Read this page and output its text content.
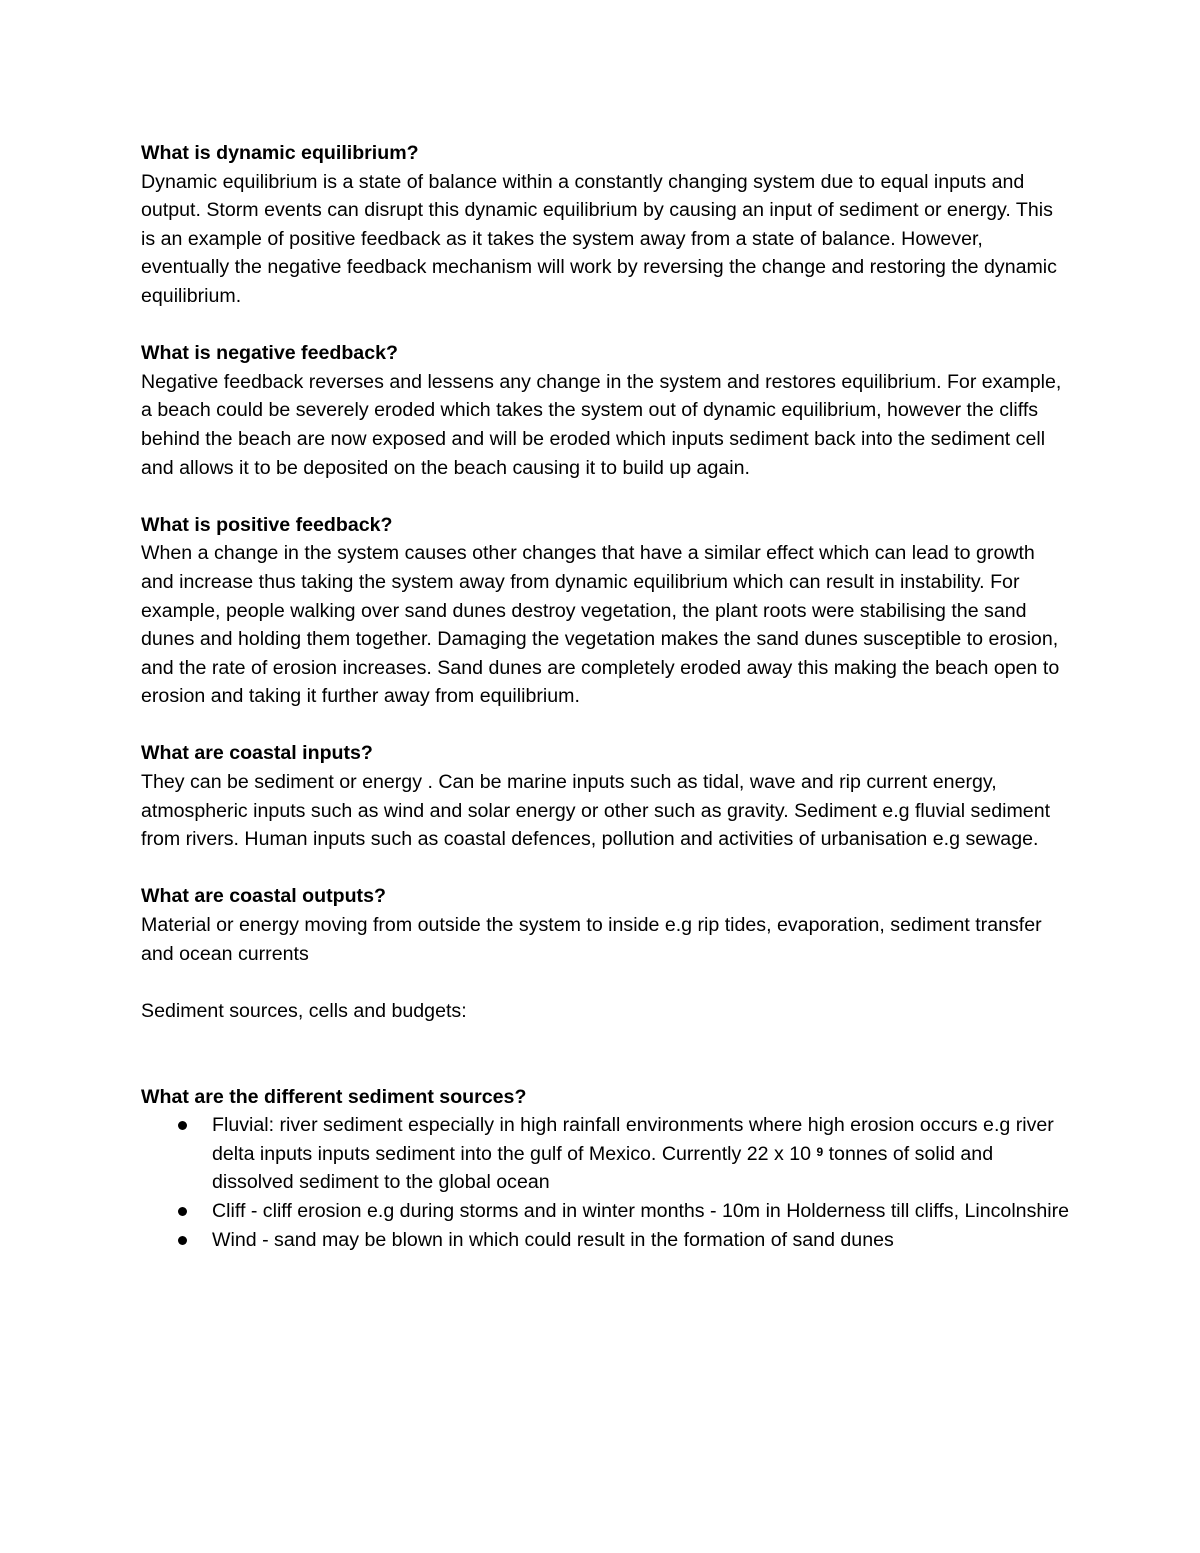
What is dynamic equilibrium?
Dynamic equilibrium is a state of balance within a constantly changing system due to equal inputs and output. Storm events can disrupt this dynamic equilibrium by causing an input of sediment or energy. This is an example of positive feedback as it takes the system away from a state of balance. However, eventually the negative feedback mechanism will work by reversing the change and restoring the dynamic equilibrium.
What is negative feedback?
Negative feedback reverses and lessens any change in the system and restores equilibrium. For example, a beach could be severely eroded which takes the system out of dynamic equilibrium, however the cliffs behind the beach are now exposed and will be eroded which inputs sediment back into the sediment cell and allows it to be deposited on the beach causing it to build up again.
What is positive feedback?
When a change in the system causes other changes that have a similar effect which can lead to growth and increase thus taking the system away from dynamic equilibrium which can result in instability. For example, people walking over sand dunes destroy vegetation, the plant roots were stabilising the sand dunes and holding them together. Damaging the vegetation makes the sand dunes susceptible to erosion, and the rate of erosion increases. Sand dunes are completely eroded away this making the beach open to erosion and taking it further away from equilibrium.
What are coastal inputs?
They can be sediment or energy . Can be marine inputs such as tidal, wave and rip current energy, atmospheric inputs such as wind and solar energy or other such as gravity. Sediment e.g fluvial sediment from rivers. Human inputs such as coastal defences, pollution and activities of urbanisation e.g sewage.
What are coastal outputs?
Material or energy moving from outside the system to inside e.g rip tides, evaporation, sediment transfer and ocean currents
Sediment sources, cells and budgets:
What are the different sediment sources?
Fluvial: river sediment especially in high rainfall environments where high erosion occurs e.g river delta inputs inputs sediment into the gulf of Mexico. Currently 22 x 10 $^9$ tonnes of solid and dissolved sediment to the global ocean
Cliff - cliff erosion e.g during storms and in winter months - 10m in Holderness till cliffs, Lincolnshire
Wind - sand may be blown in which could result in the formation of sand dunes
